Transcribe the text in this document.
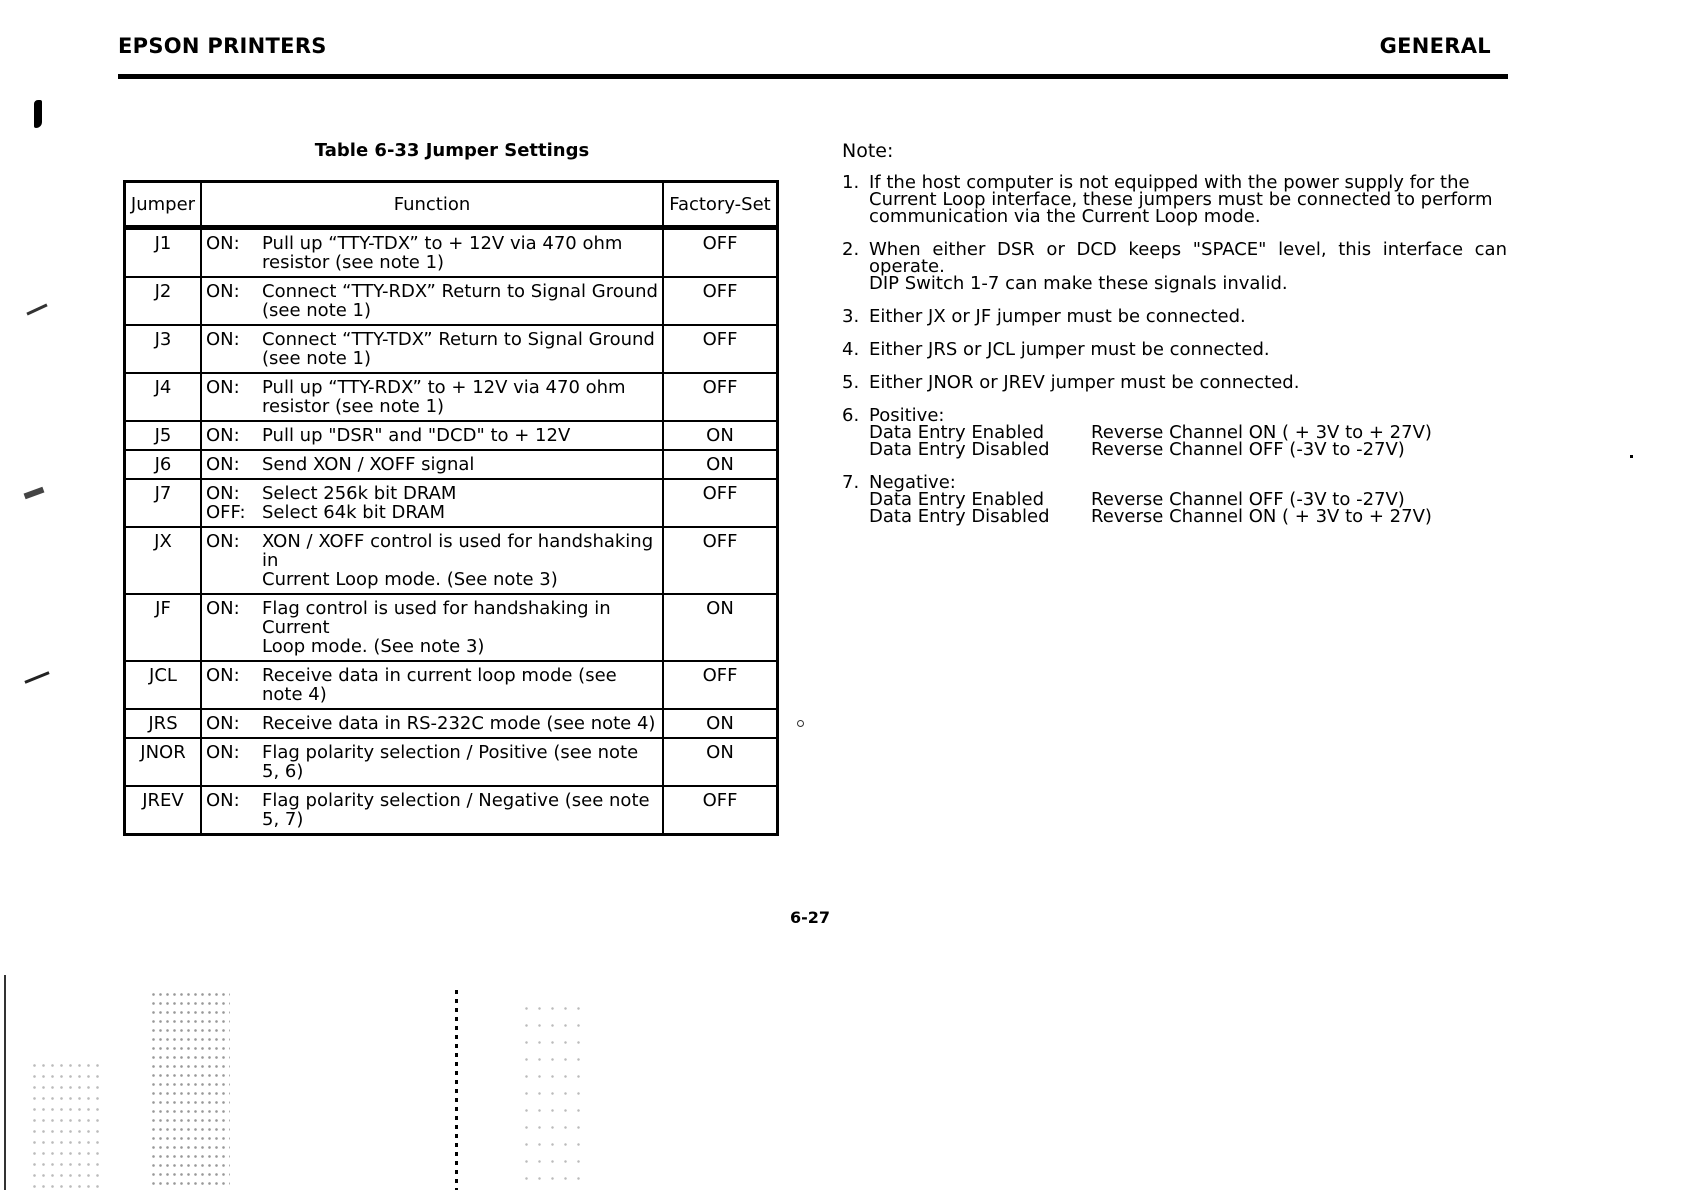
EPSON PRINTERS	GENERAL
Table 6-33 Jumper Settings
Jumper	Function	Factory-Set
J1	ON: Pull up “TTY-TDX” to + 12V via 470 ohm
resistor (see note 1)	OFF
J2	ON: Connect “TTY-RDX” Return to Signal Ground
(see note 1)	OFF
J3	ON: Connect “TTY-TDX” Return to Signal Ground
(see note 1)	OFF
J4	ON: Pull up “TTY-RDX” to + 12V via 470 ohm
resistor (see note 1)	OFF
J5	ON: Pull up "DSR" and "DCD" to + 12V	ON
J6	ON: Send XON / XOFF signal	ON
J7	ON: Select 256k bit DRAM
OFF: Select 64k bit DRAM	OFF
JX	ON: XON / XOFF control is used for handshaking in
Current Loop mode. (See note 3)	OFF
JF	ON: Flag control is used for handshaking in Current
Loop mode. (See note 3)	ON
JCL	ON: Receive data in current loop mode (see note 4)	OFF
JRS	ON: Receive data in RS-232C mode (see note 4)	ON
JNOR	ON: Flag polarity selection / Positive (see note 5, 6)	ON
JREV	ON: Flag polarity selection / Negative (see note 5, 7)	OFF
Note:
1. If the host computer is not equipped with the power supply for the
Current Loop interface, these jumpers must be connected to perform
communication via the Current Loop mode.
2. When either DSR or DCD keeps "SPACE" level, this interface can operate.
DIP Switch 1-7 can make these signals invalid.
3. Either JX or JF jumper must be connected.
4. Either JRS or JCL jumper must be connected.
5. Either JNOR or JREV jumper must be connected.
6. Positive:
Data Entry Enabled	Reverse Channel ON ( + 3V to + 27V)
Data Entry Disabled	Reverse Channel OFF (-3V to -27V)
7. Negative:
Data Entry Enabled	Reverse Channel OFF (-3V to -27V)
Data Entry Disabled	Reverse Channel ON ( + 3V to + 27V)
6-27
